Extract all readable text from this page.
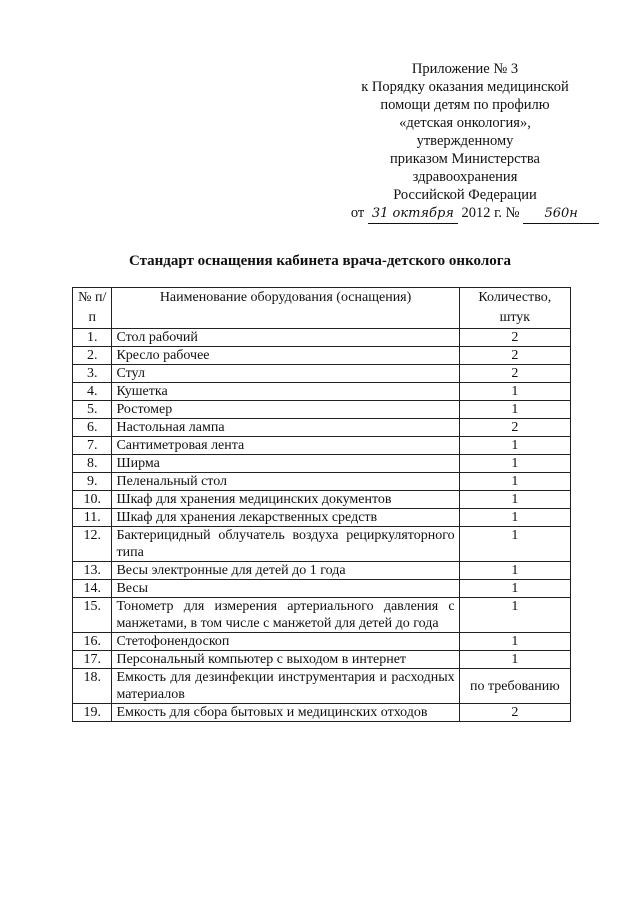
Приложение № 3
к Порядку оказания медицинской
помощи детям по профилю
«детская онкология»,
утвержденному
приказом Министерства
здравоохранения
Российской Федерации
от 31 октября 2012 г. № 560н
Стандарт оснащения кабинета врача-детского онколога
№ п/п	Наименование оборудования (оснащения)	Количество, штук

1.	Стол рабочий	2
2.	Кресло рабочее	2
3.	Стул	2
4.	Кушетка	1
5.	Ростомер	1
6.	Настольная лампа	2
7.	Сантиметровая лента	1
8.	Ширма	1
9.	Пеленальный стол	1
10.	Шкаф для хранения медицинских документов	1
11.	Шкаф для хранения лекарственных средств	1
12.	Бактерицидный облучатель воздуха рециркуляторного типа	1
13.	Весы электронные для детей до 1 года	1
14.	Весы	1
15.	Тонометр для измерения артериального давления с манжетами, в том числе с манжетой для детей до года	1
16.	Стетофонендоскоп	1
17.	Персональный компьютер с выходом в интернет	1
18.	Емкость для дезинфекции инструментария и расходных материалов	по требованию
19.	Емкость для сбора бытовых и медицинских отходов	2
